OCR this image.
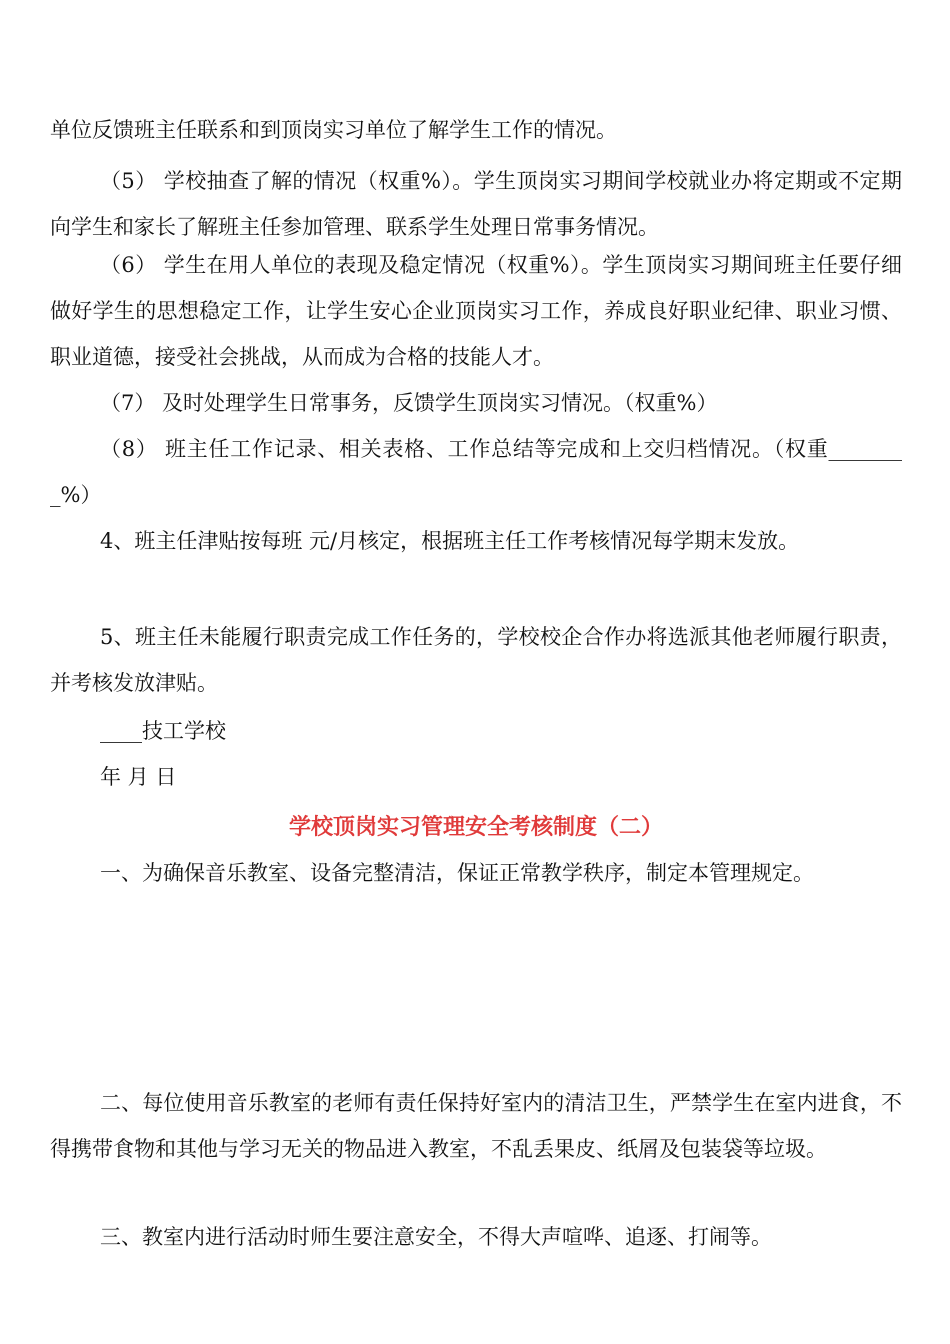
单位反馈班主任联系和到顶岗实习单位了解学生工作的情况。

（5） 学校抽查了解的情况（权重%）。学生顶岗实习期间学校就业办将定期或不定期向学生和家长了解班主任参加管理、联系学生处理日常事务情况。

（6） 学生在用人单位的表现及稳定情况（权重%）。学生顶岗实习期间班主任要仔细做好学生的思想稳定工作，让学生安心企业顶岗实习工作，养成良好职业纪律、职业习惯、职业道德，接受社会挑战，从而成为合格的技能人才。

（7） 及时处理学生日常事务，反馈学生顶岗实习情况。（权重%）

（8） 班主任工作记录、相关表格、工作总结等完成和上交归档情况。（权重________%）

4、班主任津贴按每班 元/月核定，根据班主任工作考核情况每学期末发放。

5、班主任未能履行职责完成工作任务的，学校校企合作办将选派其他老师履行职责，并考核发放津贴。

____技工学校

年 月 日

学校顶岗实习管理安全考核制度（二）

一、为确保音乐教室、设备完整清洁，保证正常教学秩序，制定本管理规定。

二、每位使用音乐教室的老师有责任保持好室内的清洁卫生，严禁学生在室内进食，不得携带食物和其他与学习无关的物品进入教室，不乱丢果皮、纸屑及包装袋等垃圾。

三、教室内进行活动时师生要注意安全，不得大声喧哗、追逐、打闹等。
